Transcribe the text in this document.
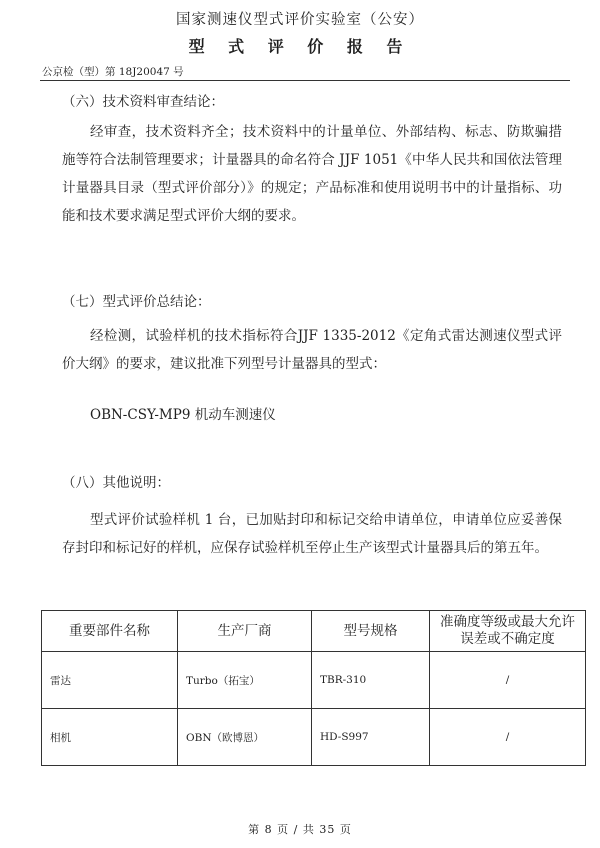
国家测速仪型式评价实验室（公安）
型 式 评 价 报 告
公京检（型）第 18J20047 号
（六）技术资料审查结论：
经审查，技术资料齐全；技术资料中的计量单位、外部结构、标志、防欺骗措施等符合法制管理要求；计量器具的命名符合 JJF 1051《中华人民共和国依法管理计量器具目录（型式评价部分）》的规定；产品标准和使用说明书中的计量指标、功能和技术要求满足型式评价大纲的要求。
（七）型式评价总结论：
经检测，试验样机的技术指标符合JJF 1335-2012《定角式雷达测速仪型式评价大纲》的要求，建议批准下列型号计量器具的型式：
OBN-CSY-MP9 机动车测速仪
（八）其他说明：
型式评价试验样机 1 台，已加贴封印和标记交给申请单位，申请单位应妥善保存封印和标记好的样机，应保存试验样机至停止生产该型式计量器具后的第五年。
重要部件名称	生产厂商	型号规格	准确度等级或最大允许误差或不确定度
雷达	Turbo（拓宝）	TBR-310	/
相机	OBN（欧博恩）	HD-S997	/
第 8 页 / 共 35 页
